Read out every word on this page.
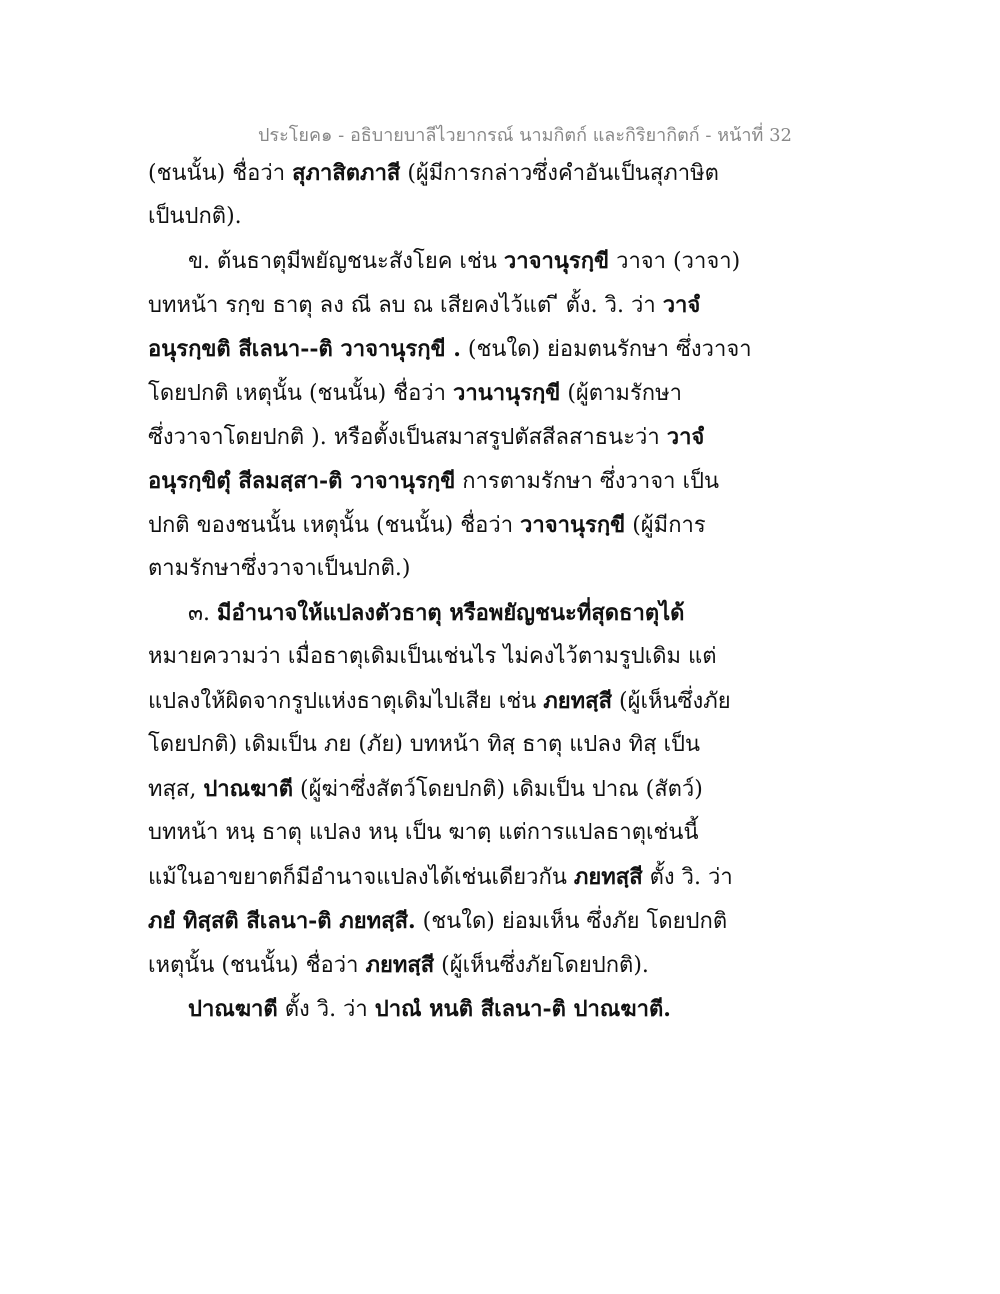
ประโยค๑ - อธิบายบาลีไวยากรณ์ นามกิตก์ และกิริยากิตก์ - หน้าที่ 32
(ชนนั้น) ชื่อว่า สุภาสิตภาสี (ผู้มีการกล่าวซึ่งคำอันเป็นสุภาษิต
เป็นปกติ).
ข. ต้นธาตุมีพยัญชนะสังโยค เช่น วาจานุรกฺขี วาจา (วาจา)
บทหน้า รกฺข ธาตุ ลง ณี ลบ ณ เสียคงไว้แต่ ี ตั้ง. วิ. ว่า วาจํ
อนุรกฺขติ สีเลนา--ติ วาจานุรกฺขี . (ชนใด) ย่อมตนรักษา ซึ่งวาจา
โดยปกติ เหตุนั้น (ชนนั้น) ชื่อว่า วานานุรกฺขี (ผู้ตามรักษา
ซึ่งวาจาโดยปกติ ). หรือตั้งเป็นสมาสรูปตัสสีลสาธนะว่า วาจํ
อนุรกฺขิตุํ สีลมสฺสา-ติ วาจานุรกฺขี การตามรักษา ซึ่งวาจา เป็น
ปกติ ของชนนั้น เหตุนั้น (ชนนั้น) ชื่อว่า วาจานุรกฺขี (ผู้มีการ
ตามรักษาซึ่งวาจาเป็นปกติ.)
๓. มีอำนาจให้แปลงตัวธาตุ หรือพยัญชนะที่สุดธาตุได้
หมายความว่า เมื่อธาตุเดิมเป็นเช่นไร ไม่คงไว้ตามรูปเดิม แต่
แปลงให้ผิดจากรูปแห่งธาตุเดิมไปเสีย เช่น ภยทสฺสี (ผู้เห็นซึ่งภัย
โดยปกติ) เดิมเป็น ภย (ภัย) บทหน้า ทิสฺ ธาตุ แปลง ทิสฺ เป็น
ทสฺส, ปาณฆาตี (ผู้ฆ่าซึ่งสัตว์โดยปกติ) เดิมเป็น ปาณ (สัตว์)
บทหน้า หนฺ ธาตุ แปลง หนฺ เป็น ฆาตฺ แต่การแปลธาตุเช่นนี้
แม้ในอาขยาตก็มีอำนาจแปลงได้เช่นเดียวกัน ภยทสฺสี ตั้ง วิ. ว่า
ภยํ ทิสฺสติ สีเลนา-ติ ภยทสฺสี. (ชนใด) ย่อมเห็น ซึ่งภัย โดยปกติ
เหตุนั้น (ชนนั้น) ชื่อว่า ภยทสฺสี (ผู้เห็นซึ่งภัยโดยปกติ).
ปาณฆาตี ตั้ง วิ. ว่า ปาณํ หนติ สีเลนา-ติ ปาณฆาตี.
